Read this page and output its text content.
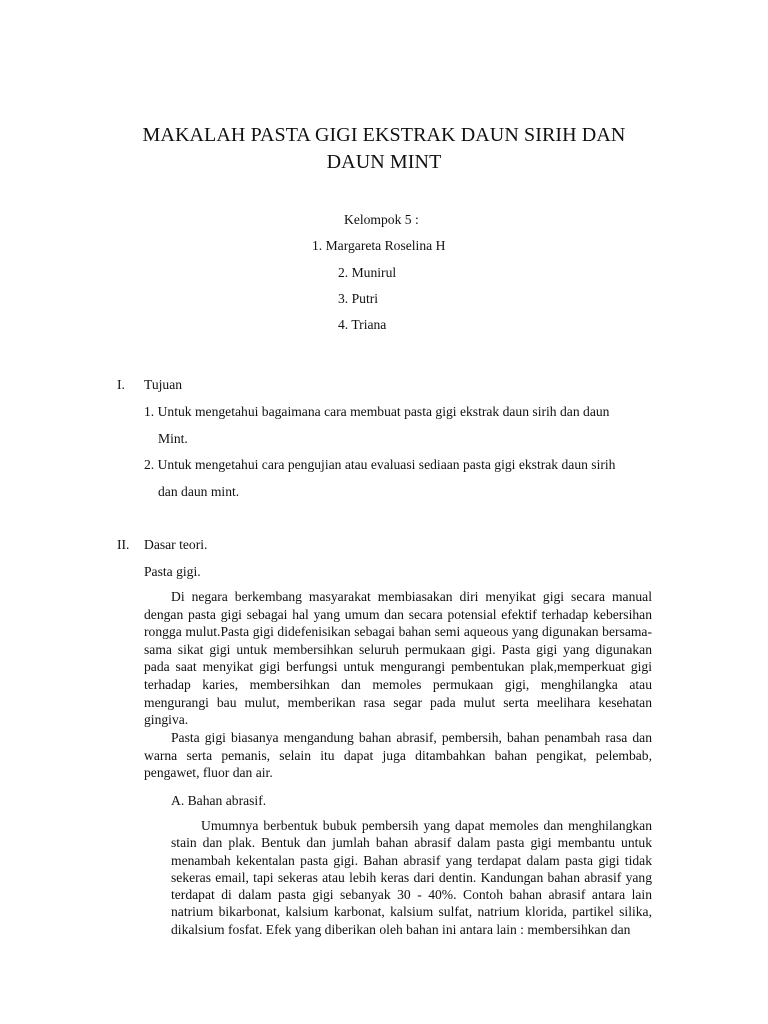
MAKALAH PASTA GIGI EKSTRAK DAUN SIRIH DAN DAUN MINT
Kelompok 5 :
1. Margareta Roselina H
2. Munirul
3. Putri
4. Triana
I. Tujuan
1. Untuk mengetahui bagaimana cara membuat pasta gigi ekstrak daun sirih dan daun
Mint.
2. Untuk mengetahui cara pengujian atau evaluasi sediaan pasta gigi ekstrak daun sirih
dan daun mint.
II. Dasar teori.
Pasta gigi.
Di negara berkembang masyarakat membiasakan diri menyikat gigi secara manual dengan pasta gigi sebagai hal yang umum dan secara potensial efektif terhadap kebersihan rongga mulut.Pasta gigi didefenisikan sebagai bahan semi aqueous yang digunakan bersama-sama sikat gigi untuk membersihkan seluruh permukaan gigi. Pasta gigi yang digunakan pada saat menyikat gigi berfungsi untuk mengurangi pembentukan plak,memperkuat gigi terhadap karies, membersihkan dan memoles permukaan gigi, menghilangka atau mengurangi bau mulut, memberikan rasa segar pada mulut serta meelihara kesehatan gingiva.
Pasta gigi biasanya mengandung bahan abrasif, pembersih, bahan penambah rasa dan warna serta pemanis, selain itu dapat juga ditambahkan bahan pengikat, pelembab, pengawet, fluor dan air.
A. Bahan abrasif.
Umumnya berbentuk bubuk pembersih yang dapat memoles dan menghilangkan stain dan plak. Bentuk dan jumlah bahan abrasif dalam pasta gigi membantu untuk menambah kekentalan pasta gigi. Bahan abrasif yang terdapat dalam pasta gigi tidak sekeras email, tapi sekeras atau lebih keras dari dentin. Kandungan bahan abrasif yang terdapat di dalam pasta gigi sebanyak 30 - 40%. Contoh bahan abrasif antara lain natrium bikarbonat, kalsium karbonat, kalsium sulfat, natrium klorida, partikel silika, dikalsium fosfat. Efek yang diberikan oleh bahan ini antara lain : membersihkan dan
